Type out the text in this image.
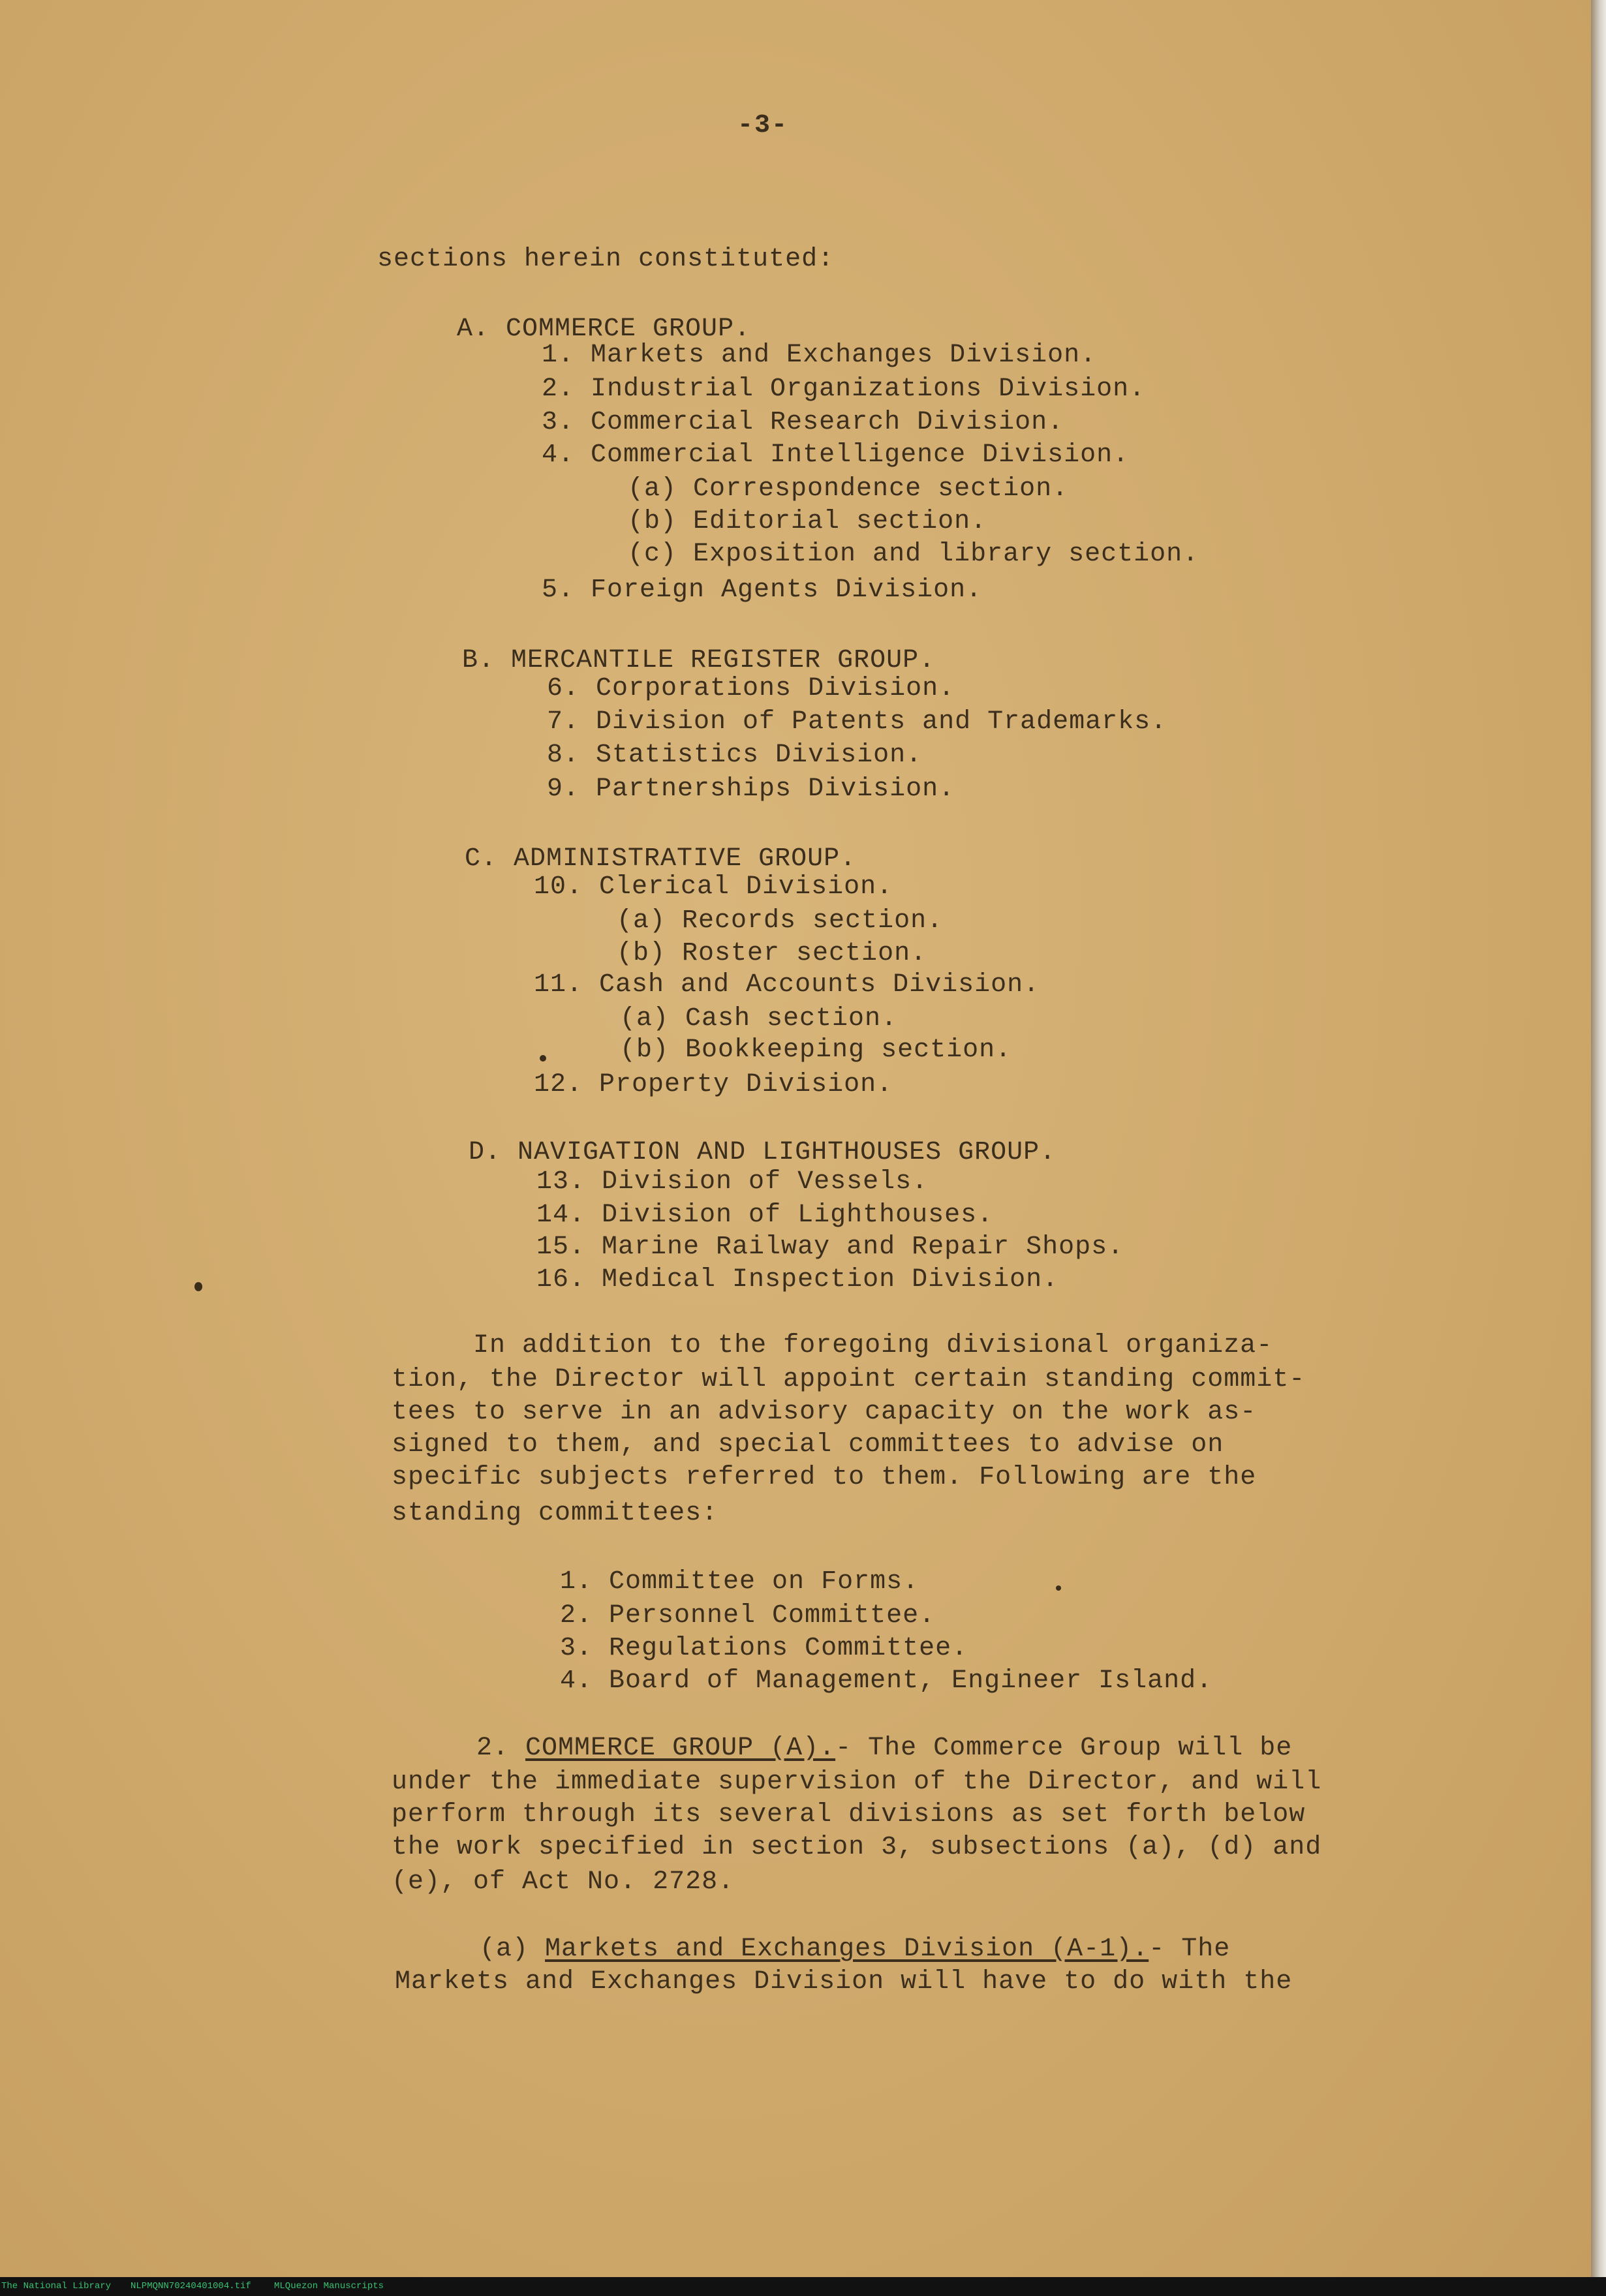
-3-
sections herein constituted:
A. COMMERCE GROUP.
1. Markets and Exchanges Division.
2. Industrial Organizations Division.
3. Commercial Research Division.
4. Commercial Intelligence Division.
(a) Correspondence section.
(b) Editorial section.
(c) Exposition and library section.
5. Foreign Agents Division.
B. MERCANTILE REGISTER GROUP.
6. Corporations Division.
7. Division of Patents and Trademarks.
8. Statistics Division.
9. Partnerships Division.
C. ADMINISTRATIVE GROUP.
10. Clerical Division.
(a) Records section.
(b) Roster section.
11. Cash and Accounts Division.
(a) Cash section.
(b) Bookkeeping section.
12. Property Division.
D. NAVIGATION AND LIGHTHOUSES GROUP.
13. Division of Vessels.
14. Division of Lighthouses.
15. Marine Railway and Repair Shops.
16. Medical Inspection Division.
In addition to the foregoing divisional organiza-
tion, the Director will appoint certain standing commit-
tees to serve in an advisory capacity on the work as-
signed to them, and special committees to advise on
specific subjects referred to them. Following are the
standing committees:
1. Committee on Forms.
2. Personnel Committee.
3. Regulations Committee.
4. Board of Management, Engineer Island.
2. COMMERCE GROUP (A).- The Commerce Group will be
under the immediate supervision of the Director, and will
perform through its several divisions as set forth below
the work specified in section 3, subsections (a), (d) and
(e), of Act No. 2728.
(a) Markets and Exchanges Division (A-1).- The
Markets and Exchanges Division will have to do with the
The National Library NLPMQNN70240401004.tif	MLQuezon Manuscripts
